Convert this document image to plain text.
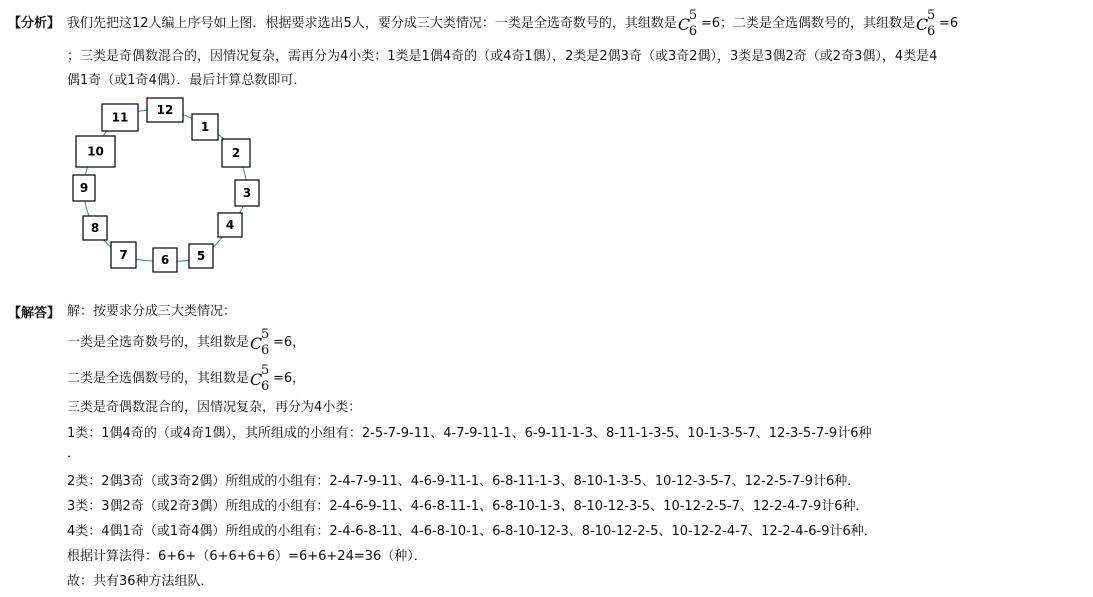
【分析】 我们先把这12人编上序号如上图．根据要求选出5人，要分成三大类情况：一类是全选奇数号的，其组数是 C
5
6
=6；二类是全选偶数号的，其组数是 C
5
6
=6
；三类是奇偶数混合的，因情况复杂，需再分为4小类：1类是1偶4奇的（或4奇1偶），2类是2偶3奇（或3奇2偶），3类是3偶2奇（或2奇3偶），4类是4
偶1奇（或1奇4偶）．最后计算总数即可．
12
1
2
3
4
5
6
7
8
9
10
11
【解答】 解：按要求分成三大类情况：
一类是全选奇数号的，其组数是 C
5
6
=6，
二类是全选偶数号的，其组数是 C
5
6
=6，
三类是奇偶数混合的，因情况复杂，再分为4小类：
1类：1偶4奇的（或4奇1偶），其所组成的小组有：2-5-7-9-11、4-7-9-11-1、6-9-11-1-3、8-11-1-3-5、10-1-3-5-7、12-3-5-7-9计6种
．
2类：2偶3奇（或3奇2偶）所组成的小组有：2-4-7-9-11、4-6-9-11-1、6-8-11-1-3、8-10-1-3-5、10-12-3-5-7、12-2-5-7-9计6种．
3类：3偶2奇（或2奇3偶）所组成的小组有：2-4-6-9-11、4-6-8-11-1、6-8-10-1-3、8-10-12-3-5、10-12-2-5-7、12-2-4-7-9计6种．
4类：4偶1奇（或1奇4偶）所组成的小组有：2-4-6-8-11、4-6-8-10-1、6-8-10-12-3、8-10-12-2-5、10-12-2-4-7、12-2-4-6-9计6种．
根据计算法得：6+6+（6+6+6+6）=6+6+24=36（种）．
故：共有36种方法组队．
